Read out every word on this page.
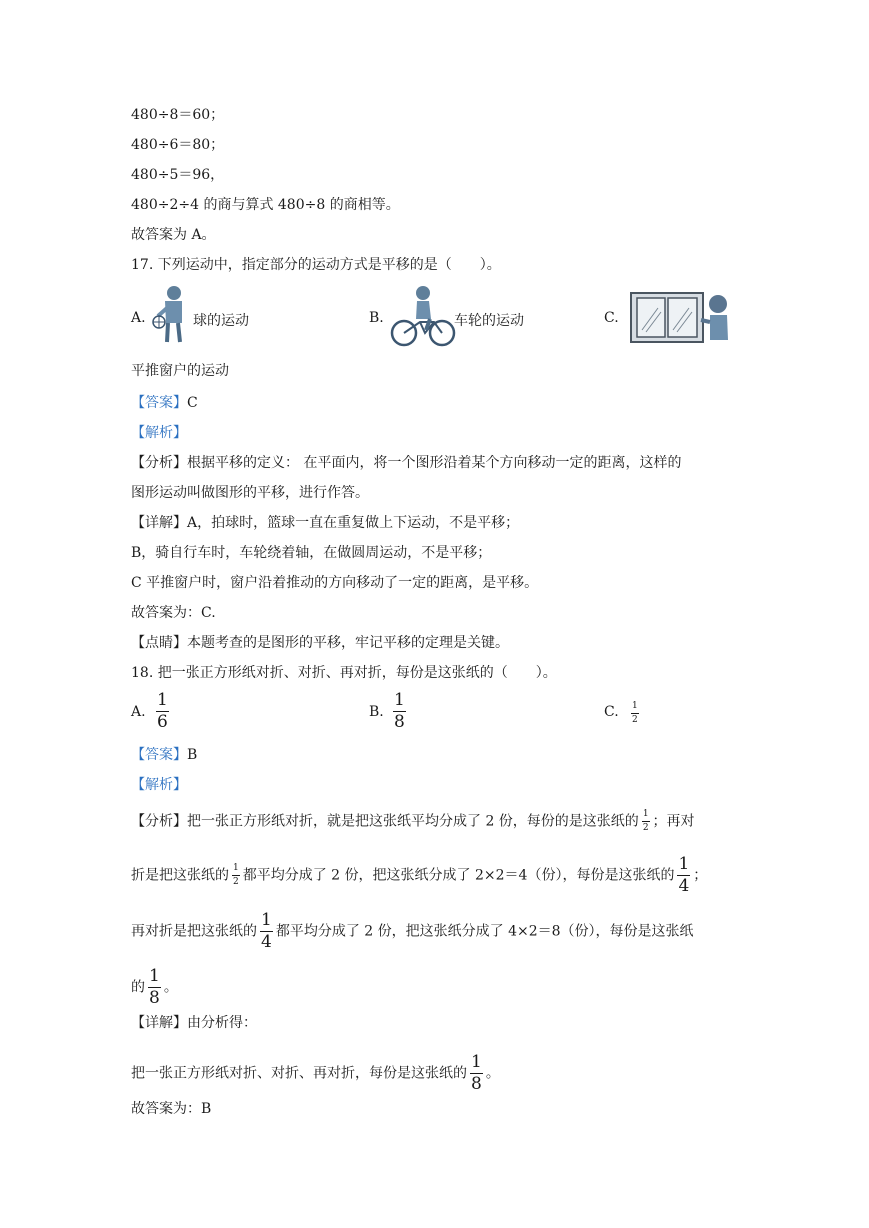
480÷8＝60；
480÷6＝80；
480÷5＝96，
480÷2÷4 的商与算式 480÷8 的商相等。
故答案为 A。
17. 下列运动中，指定部分的运动方式是平移的是（　　）。
A.	球的运动	B.	车轮的运动	C.
平推窗户的运动
【答案】C
【解析】
【分析】根据平移的定义： 在平面内，将一个图形沿着某个方向移动一定的距离，这样的
图形运动叫做图形的平移，进行作答。
【详解】A，拍球时，篮球一直在重复做上下运动，不是平移；
B，骑自行车时，车轮绕着轴，在做圆周运动，不是平移；
C 平推窗户时，窗户沿着推动的方向移动了一定的距离，是平移。
故答案为：C.
【点睛】本题考查的是图形的平移，牢记平移的定理是关键。
18. 把一张正方形纸对折、对折、再对折，每份是这张纸的（　　）。
A. $\frac{1}{6}$	B. $\frac{1}{8}$	C. $\frac{1}{2}$
【答案】B
【解析】
【分析】把一张正方形纸对折，就是把这张纸平均分成了 2 份，每份的是这张纸的 $\frac{1}{2}$ ；再对
折是把这张纸的 $\frac{1}{2}$ 都平均分成了 2 份，把这张纸分成了 2×2＝4（份），每份是这张纸的 $\frac{1}{4}$ ；
再对折是把这张纸的 $\frac{1}{4}$ 都平均分成了 2 份，把这张纸分成了 4×2＝8（份），每份是这张纸
的 $\frac{1}{8}$ 。
【详解】由分析得：
把一张正方形纸对折、对折、再对折，每份是这张纸的 $\frac{1}{8}$ 。
故答案为：B
